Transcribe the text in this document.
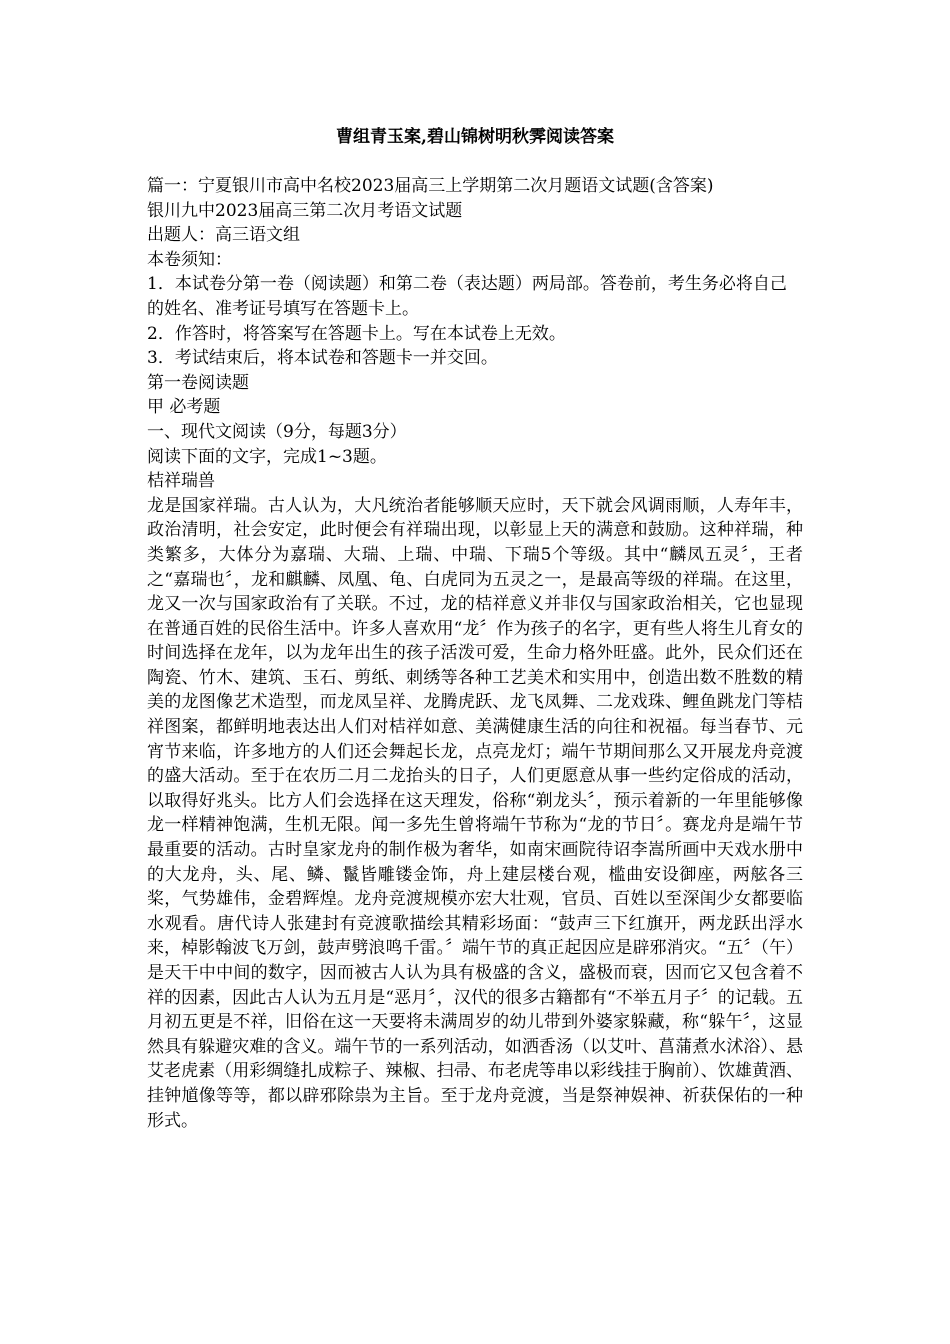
曹组青玉案,碧山锦树明秋霁阅读答案

篇一：宁夏银川市高中名校2023届高三上学期第二次月题语文试题(含答案)

银川九中2023届高三第二次月考语文试题

出题人：高三语文组

本卷须知：

1．本试卷分第一卷（阅读题）和第二卷（表达题）两局部。答卷前，考生务必将自己的姓名、准考证号填写在答题卡上。

2．作答时，将答案写在答题卡上。写在本试卷上无效。

3．考试结束后，将本试卷和答题卡一并交回。

第一卷阅读题

甲 必考题

一、现代文阅读（9分，每题3分）

阅读下面的文字，完成1~3题。

桔祥瑞兽

龙是国家祥瑞。古人认为，大凡统治者能够顺天应时，天下就会风调雨顺，人寿年丰，政治清明，社会安定，此时便会有祥瑞出现，以彰显上天的满意和鼓励。这种祥瑞，种类繁多，大体分为嘉瑞、大瑞、上瑞、中瑞、下瑞5个等级。其中“麟凤五灵〞，王者之“嘉瑞也〞，龙和麒麟、凤凰、龟、白虎同为五灵之一，是最高等级的祥瑞。在这里，龙又一次与国家政治有了关联。不过，龙的桔祥意义并非仅与国家政治相关，它也显现在普通百姓的民俗生活中。许多人喜欢用“龙〞作为孩子的名字，更有些人将生儿育女的时间选择在龙年，以为龙年出生的孩子活泼可爱，生命力格外旺盛。此外，民众们还在陶瓷、竹木、建筑、玉石、剪纸、刺绣等各种工艺美术和实用中，创造出数不胜数的精美的龙图像艺术造型，而龙凤呈祥、龙腾虎跃、龙飞凤舞、二龙戏珠、鲤鱼跳龙门等桔祥图案，都鲜明地表达出人们对桔祥如意、美满健康生活的向往和祝福。每当春节、元宵节来临，许多地方的人们还会舞起长龙，点亮龙灯；端午节期间那么又开展龙舟竞渡的盛大活动。至于在农历二月二龙抬头的日子，人们更愿意从事一些约定俗成的活动，以取得好兆头。比方人们会选择在这天理发，俗称“剃龙头〞，预示着新的一年里能够像龙一样精神饱满，生机无限。闻一多先生曾将端午节称为“龙的节日〞。赛龙舟是端午节最重要的活动。古时皇家龙舟的制作极为奢华，如南宋画院待诏李嵩所画中天戏水册中的大龙舟，头、尾、鳞、鬣皆雕镂金饰，舟上建层楼台观，槛曲安设御座，两舷各三桨，气势雄伟，金碧辉煌。龙舟竞渡规模亦宏大壮观，官员、百姓以至深闺少女都要临水观看。唐代诗人张建封有竞渡歌描绘其精彩场面：“鼓声三下红旗开，两龙跃出浮水来，棹影翰波飞万剑，鼓声劈浪鸣千雷。〞端午节的真正起因应是辟邪消灾。“五〞（午）是天干中中间的数字，因而被古人认为具有极盛的含义，盛极而衰，因而它又包含着不祥的因素，因此古人认为五月是“恶月〞，汉代的很多古籍都有“不举五月子〞的记载。五月初五更是不祥，旧俗在这一天要将未满周岁的幼儿带到外婆家躲藏，称“躲午〞，这显然具有躲避灾难的含义。端午节的一系列活动，如洒香汤（以艾叶、菖蒲煮水沭浴）、悬艾老虎素（用彩绸缝扎成粽子、辣椒、扫帚、布老虎等串以彩线挂于胸前）、饮雄黄酒、挂钟馗像等等，都以辟邪除祟为主旨。至于龙舟竞渡，当是祭神娱神、祈获保佑的一种形式。
